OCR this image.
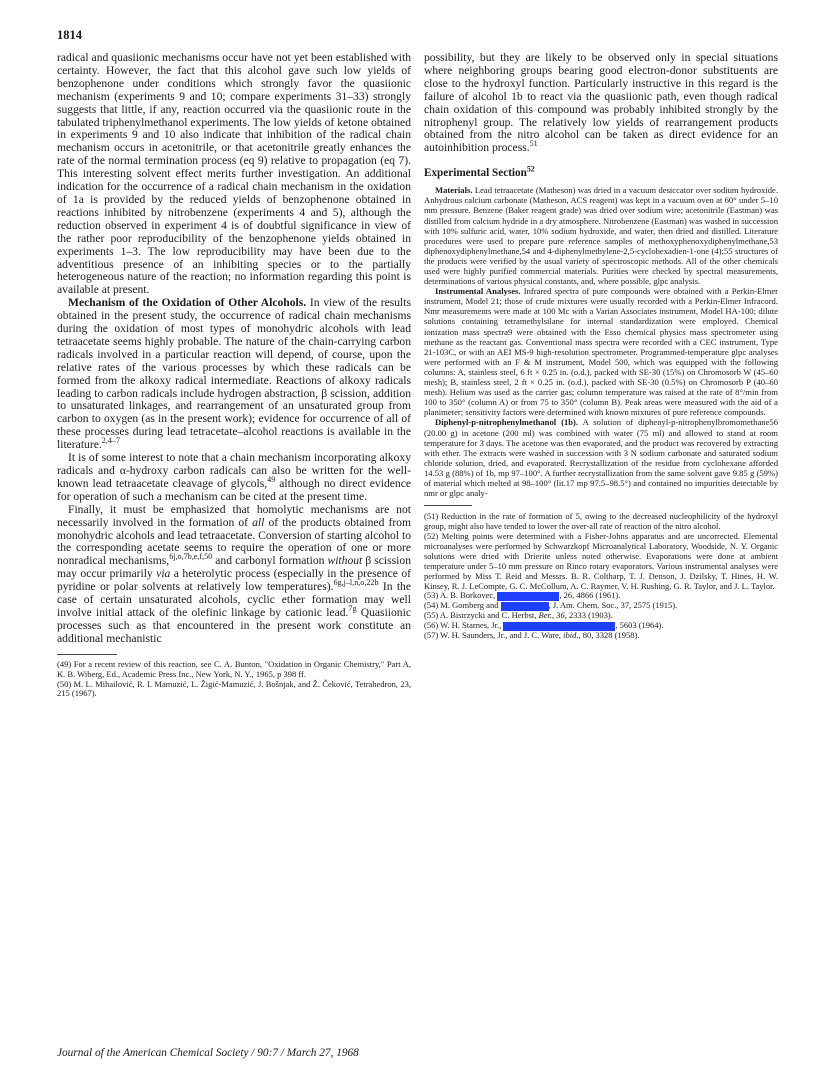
1814

radical and quasiionic mechanisms occur have not yet been established with certainty. However, the fact that this alcohol gave such low yields of benzophenone under conditions which strongly favor the quasiionic mechanism (experiments 9 and 10; compare experiments 31–33) strongly suggests that little, if any, reaction occurred via the quasiionic route in the tabulated triphenylmethanol experiments. The low yields of ketone obtained in experiments 9 and 10 also indicate that inhibition of the radical chain mechanism occurs in acetonitrile, or that acetonitrile greatly enhances the rate of the normal termination process (eq 9) relative to propagation (eq 7). This interesting solvent effect merits further investigation. An additional indication for the occurrence of a radical chain mechanism in the oxidation of 1a is provided by the reduced yields of benzophenone obtained in reactions inhibited by nitrobenzene (experiments 4 and 5), although the reduction observed in experiment 4 is of doubtful significance in view of the rather poor reproducibility of the benzophenone yields obtained in experiments 1–3. The low reproducibility may have been due to the adventitious presence of an inhibiting species or to the partially heterogeneous nature of the reaction; no information regarding this point is available at present.

Mechanism of the Oxidation of Other Alcohols. In view of the results obtained in the present study, the occurrence of radical chain mechanisms during the oxidation of most types of monohydric alcohols with lead tetraacetate seems highly probable. The nature of the chain-carrying carbon radicals involved in a particular reaction will depend, of course, upon the relative rates of the various processes by which these radicals can be formed from the alkoxy radical intermediate. Reactions of alkoxy radicals leading to carbon radicals include hydrogen abstraction, β scission, addition to unsaturated linkages, and rearrangement of an unsaturated group from carbon to oxygen (as in the present work); evidence for occurrence of all of these processes during lead tetracetate–alcohol reactions is available in the literature.$^{2,4-7}$

It is of some interest to note that a chain mechanism incorporating alkoxy radicals and α-hydroxy carbon radicals can also be written for the well-known lead tetraacetate cleavage of glycols,$^{49}$ although no direct evidence for operation of such a mechanism can be cited at the present time.

Finally, it must be emphasized that homolytic mechanisms are not necessarily involved in the formation of all of the products obtained from monohydric alcohols and lead tetraacetate. Conversion of starting alcohol to the corresponding acetate seems to require the operation of one or more nonradical mechanisms,$^{6j,o,7b,e,f,50}$ and carbonyl formation without β scission may occur primarily via a heterolytic process (especially in the presence of pyridine or polar solvents at relatively low temperatures).$^{6g,j-l,n,o,22b}$ In the case of certain unsaturated alcohols, cyclic ether formation may well involve initial attack of the olefinic linkage by cationic lead.$^{7g}$ Quasiionic processes such as that encountered in the present work constitute an additional mechanistic

(49) For a recent review of this reaction, see C. A. Bunton, "Oxidation in Organic Chemistry," Part A, K. B. Wiberg, Ed., Academic Press Inc., New York, N. Y., 1965, p 398 ff.

(50) M. L. Mihailović, R. I. Mamuzić, L. Žigić-Mamuzić, J. Bošnjak, and Ž. Čeković, Tetrahedron, 23, 215 (1967).

possibility, but they are likely to be observed only in special situations where neighboring groups bearing good electron-donor substituents are close to the hydroxyl function. Particularly instructive in this regard is the failure of alcohol 1b to react via the quasiionic path, even though radical chain oxidation of this compound was probably inhibited strongly by the nitrophenyl group. The relatively low yields of rearrangement products obtained from the nitro alcohol can be taken as direct evidence for an autoinhibition process.$^{51}$

Experimental Section$^{52}$

Materials. Lead tetraacetate (Matheson) was dried in a vacuum desiccator over sodium hydroxide. Anhydrous calcium carbonate (Matheson, ACS reagent) was kept in a vacuum oven at 60° under 5–10 mm pressure. Benzene (Baker reagent grade) was dried over sodium wire; acetonitrile (Eastman) was distilled from calcium hydride in a dry atmosphere. Nitrobenzene (Eastman) was washed in succession with 10% sulfuric acid, water, 10% sodium hydroxide, and water, then dried and distilled. Literature procedures were used to prepare pure reference samples of methoxyphenoxydiphenylmethane,53 diphenoxydiphenylmethane,54 and 4-diphenylmethylene-2,5-cyclohexadien-1-one (4);55 structures of the products were verified by the usual variety of spectroscopic methods. All of the other chemicals used were highly purified commercial materials. Purities were checked by spectral measurements, determinations of various physical constants, and, where possible, glpc analysis.

Instrumental Analyses. Infrared spectra of pure compounds were obtained with a Perkin-Elmer instrument, Model 21; those of crude mixtures were usually recorded with a Perkin-Elmer Infracord. Nmr measurements were made at 100 Mc with a Varian Associates instrument, Model HA-100; dilute solutions containing tetramethylsilane for internal standardization were employed. Chemical ionization mass spectra9 were obtained with the Esso chemical physics mass spectrometer using methane as the reactant gas. Conventional mass spectra were recorded with a CEC instrument, Type 21-103C, or with an AEI MS-9 high-resolution spectrometer. Programmed-temperature glpc analyses were performed with an F & M instrument, Model 500, which was equipped with the following columns: A, stainless steel, 6 ft × 0.25 in. (o.d.), packed with SE-30 (15%) on Chromosorb W (45–60 mesh); B, stainless steel, 2 ft × 0.25 in. (o.d.), packed with SE-30 (0.5%) on Chromosorb P (40–60 mesh). Helium was used as the carrier gas; column temperature was raised at the rate of 8°/min from 100 to 350° (column A) or from 75 to 350° (column B). Peak areas were measured with the aid of a planimeter; sensitivity factors were determined with known mixtures of pure reference compounds.

Diphenyl-p-nitrophenylmethanol (1b). A solution of diphenyl-p-nitrophenylbromomethane56 (20.00 g) in acetone (200 ml) was combined with water (75 ml) and allowed to stand at room temperature for 3 days. The acetone was then evaporated, and the product was recovered by extracting with ether. The extracts were washed in succession with 3 N sodium carbonate and saturated sodium chloride solution, dried, and evaporated. Recrystallization of the residue from cyclohexane afforded 14.53 g (88%) of 1b, mp 97–100°. A further recrystallization from the same solvent gave 9.85 g (59%) of material which melted at 98–100° (lit.17 mp 97.5–98.5°) and contained no impurities detectable by nmr or glpc analy-

(51) Reduction in the rate of formation of 5, owing to the decreased nucleophilicity of the hydroxyl group, might also have tended to lower the over-all rate of reaction of the nitro alcohol.

(52) Melting points were determined with a Fisher-Johns apparatus and are uncorrected. Elemental microanalyses were performed by Schwarzkopf Microanalytical Laboratory, Woodside, N. Y. Organic solutions were dried with Drierite unless noted otherwise. Evaporations were done at ambient temperature under 5–10 mm pressure on Rinco rotary evaporators. Various instrumental analyses were performed by Miss T. Reid and Messrs. B. R. Coltharp, T. J. Denson, J. Dzilsky, T. Hines, H. W. Kinsey, R. J. LeCompte, G. C. McCollum, A. C. Raymer, V. H. Rushing, G. R. Taylor, and J. L. Taylor.

(53) A. B. Borkovec,	, 26, 4866 (1961).

(54) M. Gomberg and	, J. Am. Chem. Soc., 37, 2575 (1915).

(55) A. Bistrzycki and C. Herbst, Ber., 36, 2333 (1903).

(56) W. H. Starnes, Jr.,	, 5603 (1964).

(57) W. H. Saunders, Jr., and J. C. Ware, ibid., 80, 3328 (1958).

Journal of the American Chemical Society / 90:7 / March 27, 1968
